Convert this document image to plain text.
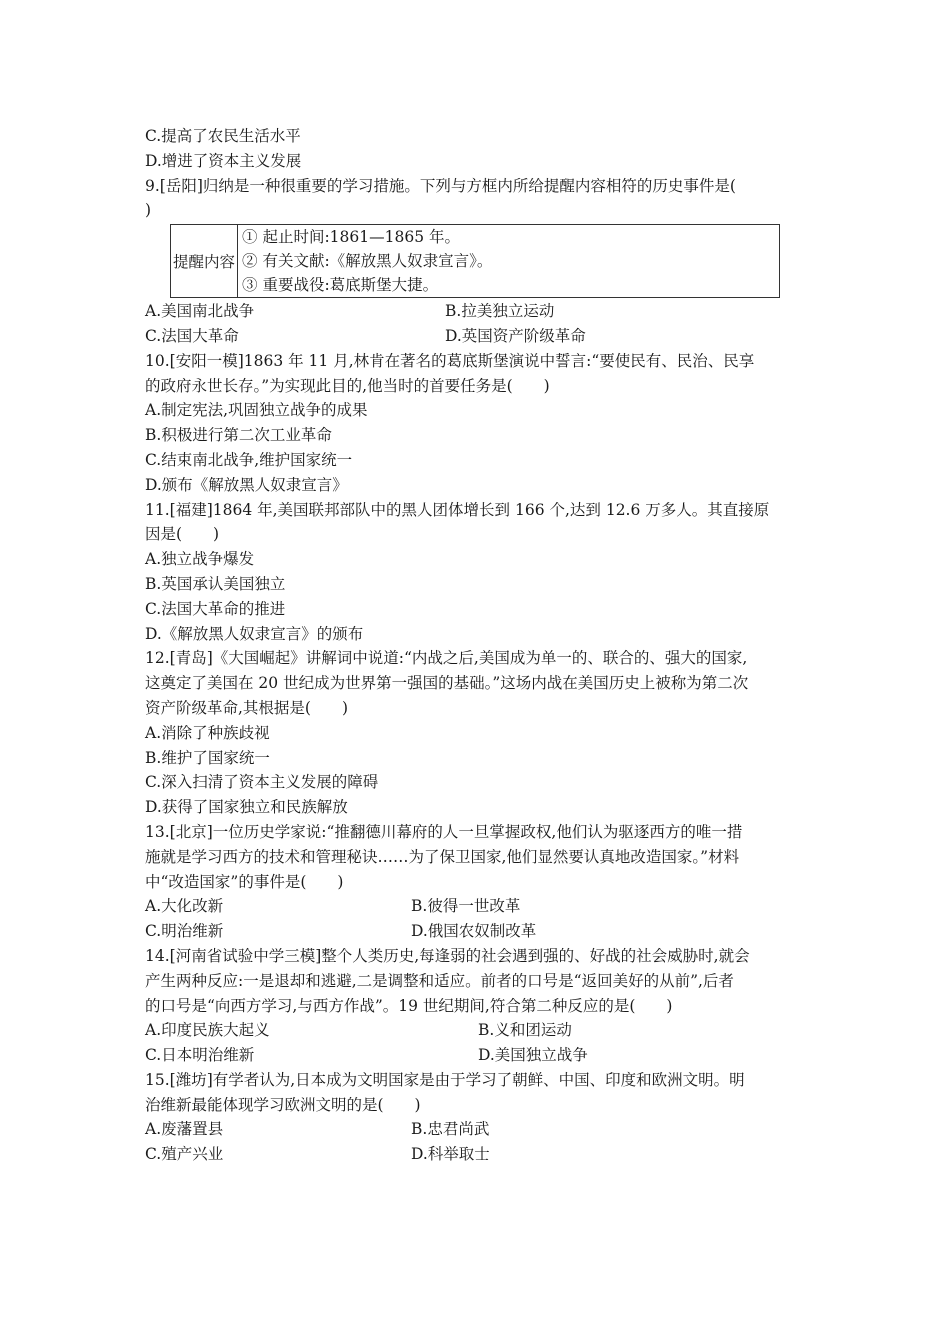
C.提高了农民生活水平
D.增进了资本主义发展
9.[岳阳]归纳是一种很重要的学习措施。下列与方框内所给提醒内容相符的历史事件是(
)
提醒内容	
① 起止时间:1861—1865 年。
② 有关文献:《解放黑人奴隶宣言》。
③ 重要战役:葛底斯堡大捷。
A.美国南北战争	B.拉美独立运动
C.法国大革命	D.英国资产阶级革命
10.[安阳一模]1863 年 11 月,林肯在著名的葛底斯堡演说中誓言:“要使民有、民治、民享
的政府永世长存。”为实现此目的,他当时的首要任务是(　　)
A.制定宪法,巩固独立战争的成果
B.积极进行第二次工业革命
C.结束南北战争,维护国家统一
D.颁布《解放黑人奴隶宣言》
11.[福建]1864 年,美国联邦部队中的黑人团体增长到 166 个,达到 12.6 万多人。其直接原
因是(　　)
A.独立战争爆发
B.英国承认美国独立
C.法国大革命的推进
D.《解放黑人奴隶宣言》的颁布
12.[青岛]《大国崛起》讲解词中说道:“内战之后,美国成为单一的、联合的、强大的国家,
这奠定了美国在 20 世纪成为世界第一强国的基础。”这场内战在美国历史上被称为第二次
资产阶级革命,其根据是(　　)
A.消除了种族歧视
B.维护了国家统一
C.深入扫清了资本主义发展的障碍
D.获得了国家独立和民族解放
13.[北京]一位历史学家说:“推翻德川幕府的人一旦掌握政权,他们认为驱逐西方的唯一措
施就是学习西方的技术和管理秘诀……为了保卫国家,他们显然要认真地改造国家。”材料
中“改造国家”的事件是(　　)
A.大化改新	B.彼得一世改革
C.明治维新	D.俄国农奴制改革
14.[河南省试验中学三模]整个人类历史,每逢弱的社会遇到强的、好战的社会威胁时,就会
产生两种反应:一是退却和逃避,二是调整和适应。前者的口号是“返回美好的从前”,后者
的口号是“向西方学习,与西方作战”。19 世纪期间,符合第二种反应的是(　　)
A.印度民族大起义	B.义和团运动
C.日本明治维新	D.美国独立战争
15.[潍坊]有学者认为,日本成为文明国家是由于学习了朝鲜、中国、印度和欧洲文明。明
治维新最能体现学习欧洲文明的是(　　)
A.废藩置县	B.忠君尚武
C.殖产兴业	D.科举取士
